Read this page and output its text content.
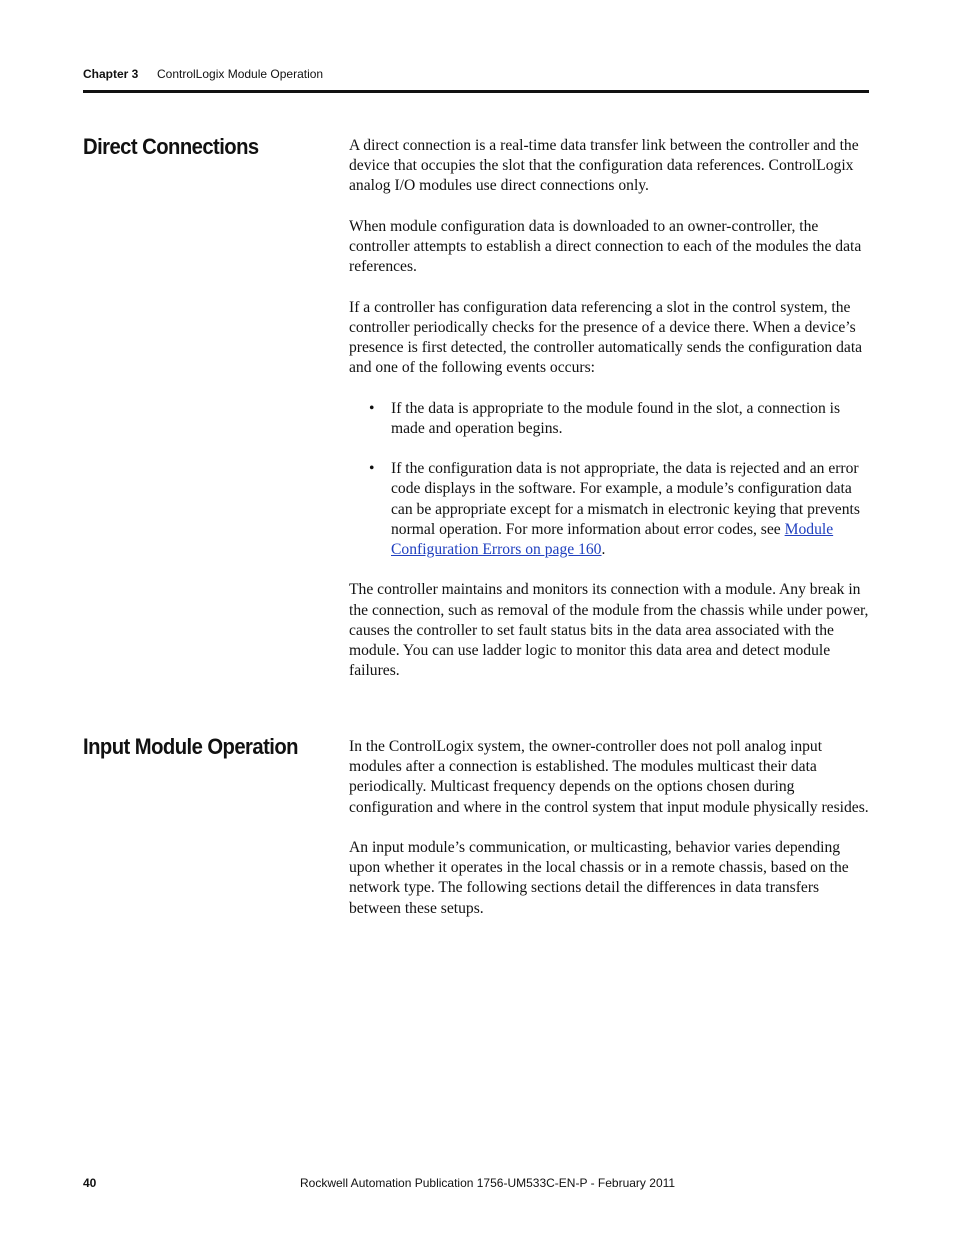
Chapter 3 ControlLogix Module Operation
Direct Connections	A direct connection is a real-time data transfer link between the controller and the device that occupies the slot that the configuration data references. ControlLogix analog I/O modules use direct connections only.

When module configuration data is downloaded to an owner-controller, the controller attempts to establish a direct connection to each of the modules the data references.

If a controller has configuration data referencing a slot in the control system, the controller periodically checks for the presence of a device there. When a device’s presence is first detected, the controller automatically sends the configuration data and one of the following events occurs:

• If the data is appropriate to the module found in the slot, a connection is made and operation begins.
• If the configuration data is not appropriate, the data is rejected and an error code displays in the software. For example, a module’s configuration data can be appropriate except for a mismatch in electronic keying that prevents normal operation. For more information about error codes, see Module Configuration Errors on page 160.

The controller maintains and monitors its connection with a module. Any break in the connection, such as removal of the module from the chassis while under power, causes the controller to set fault status bits in the data area associated with the module. You can use ladder logic to monitor this data area and detect module failures.

Input Module Operation	In the ControlLogix system, the owner-controller does not poll analog input modules after a connection is established. The modules multicast their data periodically. Multicast frequency depends on the options chosen during configuration and where in the control system that input module physically resides.

An input module’s communication, or multicasting, behavior varies depending upon whether it operates in the local chassis or in a remote chassis, based on the network type. The following sections detail the differences in data transfers between these setups.

40	Rockwell Automation Publication 1756-UM533C-EN-P - February 2011
